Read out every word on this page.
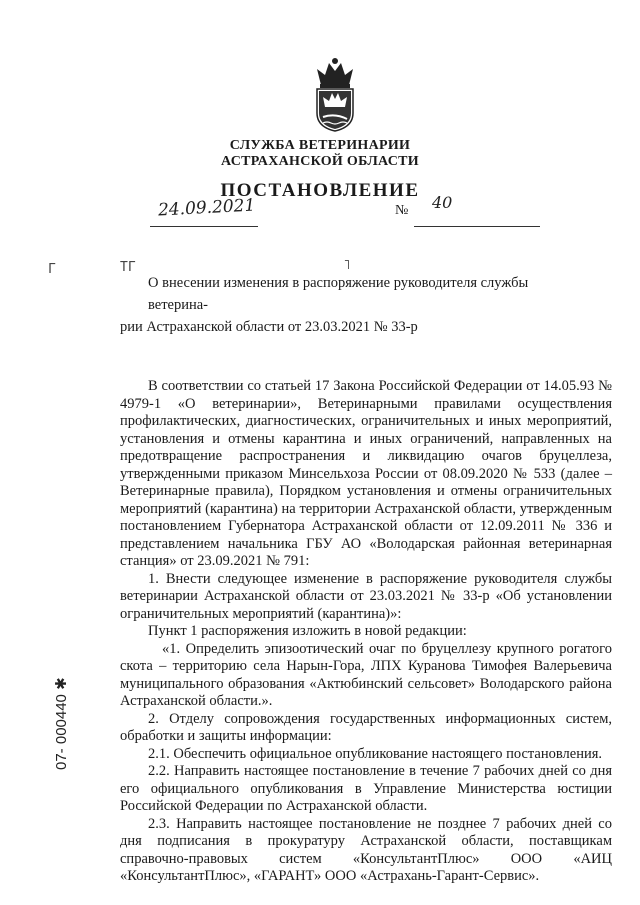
СЛУЖБА ВЕТЕРИНАРИИ
АСТРАХАНСКОЙ ОБЛАСТИ
ПОСТАНОВЛЕНИЕ
24.09.2021	№ 40
Г	ТГ	˥
О внесении изменения в распоряжение руководителя службы ветерина-
рии Астраханской области от 23.03.2021 № 33-р

В соответствии со статьей 17 Закона Российской Федерации от 14.05.93 № 4979-1 «О ветеринарии», Ветеринарными правилами осуществления профилактических, диагностических, ограничительных и иных мероприятий, установления и отмены карантина и иных ограничений, направленных на предотвращение распространения и ликвидацию очагов бруцеллеза, утвержденными приказом Минсельхоза России от 08.09.2020 № 533 (далее – Ветеринарные правила), Порядком установления и отмены ограничительных мероприятий (карантина) на территории Астраханской области, утвержденным постановлением Губернатора Астраханской области от 12.09.2011 № 336 и представлением начальника ГБУ АО «Володарская районная ветеринарная станция» от 23.09.2021 № 791:

1. Внести следующее изменение в распоряжение руководителя службы ветеринарии Астраханской области от 23.03.2021 № 33-р «Об установлении ограничительных мероприятий (карантина)»:

Пункт 1 распоряжения изложить в новой редакции:

«1. Определить эпизоотический очаг по бруцеллезу крупного рогатого скота – территорию села Нарын-Гора, ЛПХ Куранова Тимофея Валерьевича муниципального образования «Актюбинский сельсовет» Володарского района Астраханской области.».

2. Отделу сопровождения государственных информационных систем, обработки и защиты информации:

2.1. Обеспечить официальное опубликование настоящего постановления.

2.2. Направить настоящее постановление в течение 7 рабочих дней со дня его официального опубликования в Управление Министерства юстиции Российской Федерации по Астраханской области.

2.3. Направить настоящее постановление не позднее 7 рабочих дней со дня подписания в прокуратуру Астраханской области, поставщикам справочно-правовых систем «КонсультантПлюс» ООО «АИЦ «КонсультантПлюс», «ГАРАНТ» ООО «Астрахань-Гарант-Сервис».

07- 000440 ✱
